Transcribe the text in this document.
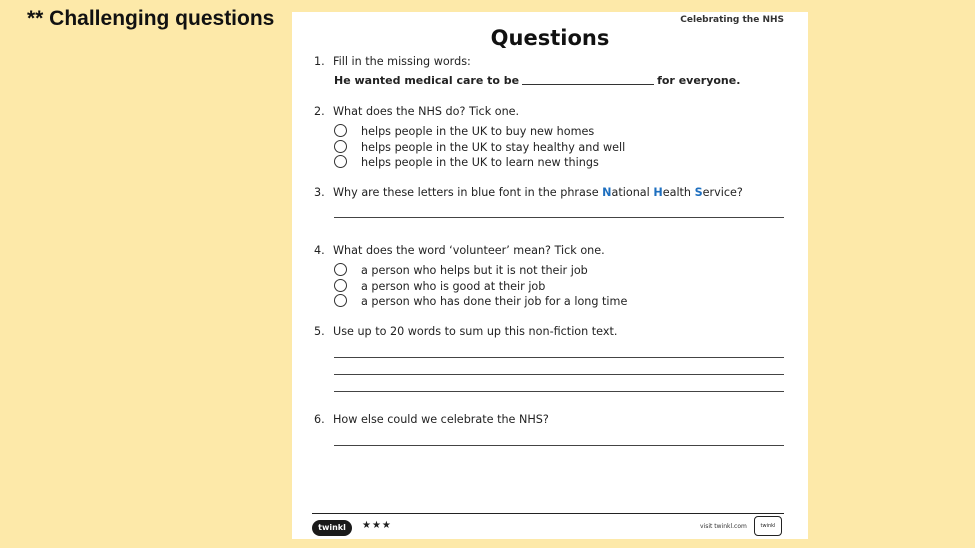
** Challenging questions	Celebrating the NHS
Questions
1. Fill in the missing words:
He wanted medical care to be	for everyone.
2. What does the NHS do? Tick one.
helps people in the UK to buy new homes
helps people in the UK to stay healthy and well
helps people in the UK to learn new things
3. Why are these letters in blue font in the phrase National Health Service?
4. What does the word ‘volunteer’ mean? Tick one.
a person who helps but it is not their job
a person who is good at their job
a person who has done their job for a long time
5. Use up to 20 words to sum up this non-fiction text.
6. How else could we celebrate the NHS?
twinkl	★★★	visit twinkl.com	twinkl
